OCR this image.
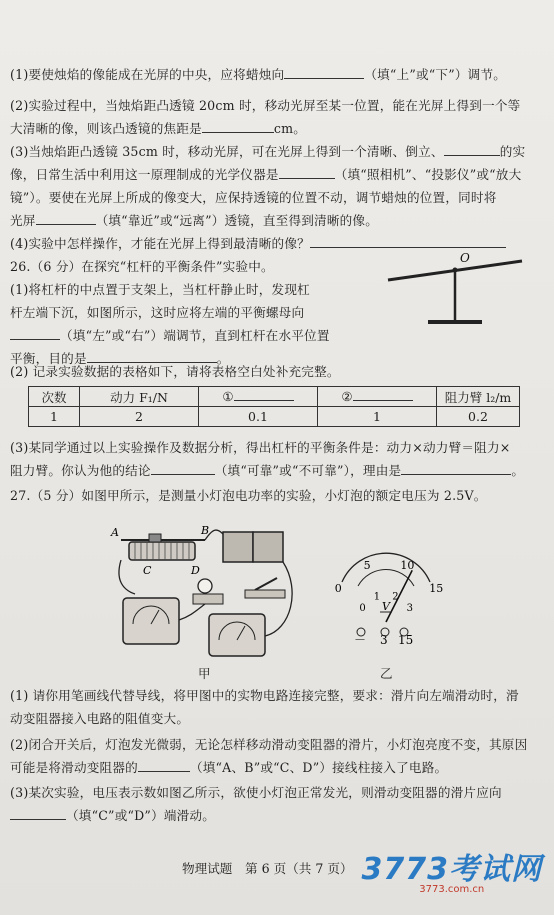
(1)要使烛焰的像能成在光屏的中央，应将蜡烛向	（填“上”或“下”）调节。
(2)实验过程中，当烛焰距凸透镜 20cm 时，移动光屏至某一位置，能在光屏上得到一个等
大清晰的像，则该凸透镜的焦距是	cm。
(3)当烛焰距凸透镜 35cm 时，移动光屏，可在光屏上得到一个清晰、倒立、	的实
像，日常生活中利用这一原理制成的光学仪器是	（填“照相机”、“投影仪”或“放大
镜”）。要使在光屏上所成的像变大，应保持透镜的位置不动，调节蜡烛的位置，同时将
光屏	（填“靠近”或“远离”）透镜，直至得到清晰的像。
(4)实验中怎样操作，才能在光屏上得到最清晰的像？
26.（6 分）在探究“杠杆的平衡条件”实验中。
(1)将杠杆的中点置于支架上，当杠杆静止时，发现杠
杆左端下沉，如图所示，这时应将左端的平衡螺母向
（填“左”或“右”）端调节，直到杠杆在水平位置
平衡，目的是	。
O
(2) 记录实验数据的表格如下，请将表格空白处补充完整。
次数	动力 F₁/N	①	②	阻力臂 l₂/m
1	2	0.1	1	0.2
(3)某同学通过以上实验操作及数据分析，得出杠杆的平衡条件是：动力×动力臂＝阻力×
阻力臂。你认为他的结论	（填“可靠”或“不可靠”），理由是	。
27.（5 分）如图甲所示，是测量小灯泡电功率的实验，小灯泡的额定电压为 2.5V。
A	B
C	D
甲
0
0
5
1
10
2
15
3
V
－ 3 15
乙
(1) 请你用笔画线代替导线，将甲图中的实物电路连接完整，要求：滑片向左端滑动时，滑
动变阻器接入电路的阻值变大。
(2)闭合开关后，灯泡发光微弱，无论怎样移动滑动变阻器的滑片，小灯泡亮度不变，其原因
可能是将滑动变阻器的	（填“A、B”或“C、D”）接线柱接入了电路。
(3)某次实验，电压表示数如图乙所示，欲使小灯泡正常发光，则滑动变阻器的滑片应向
（填“C”或“D”）端滑动。
物理试题　第 6 页（共 7 页） 3773考试网
3773.com.cn
